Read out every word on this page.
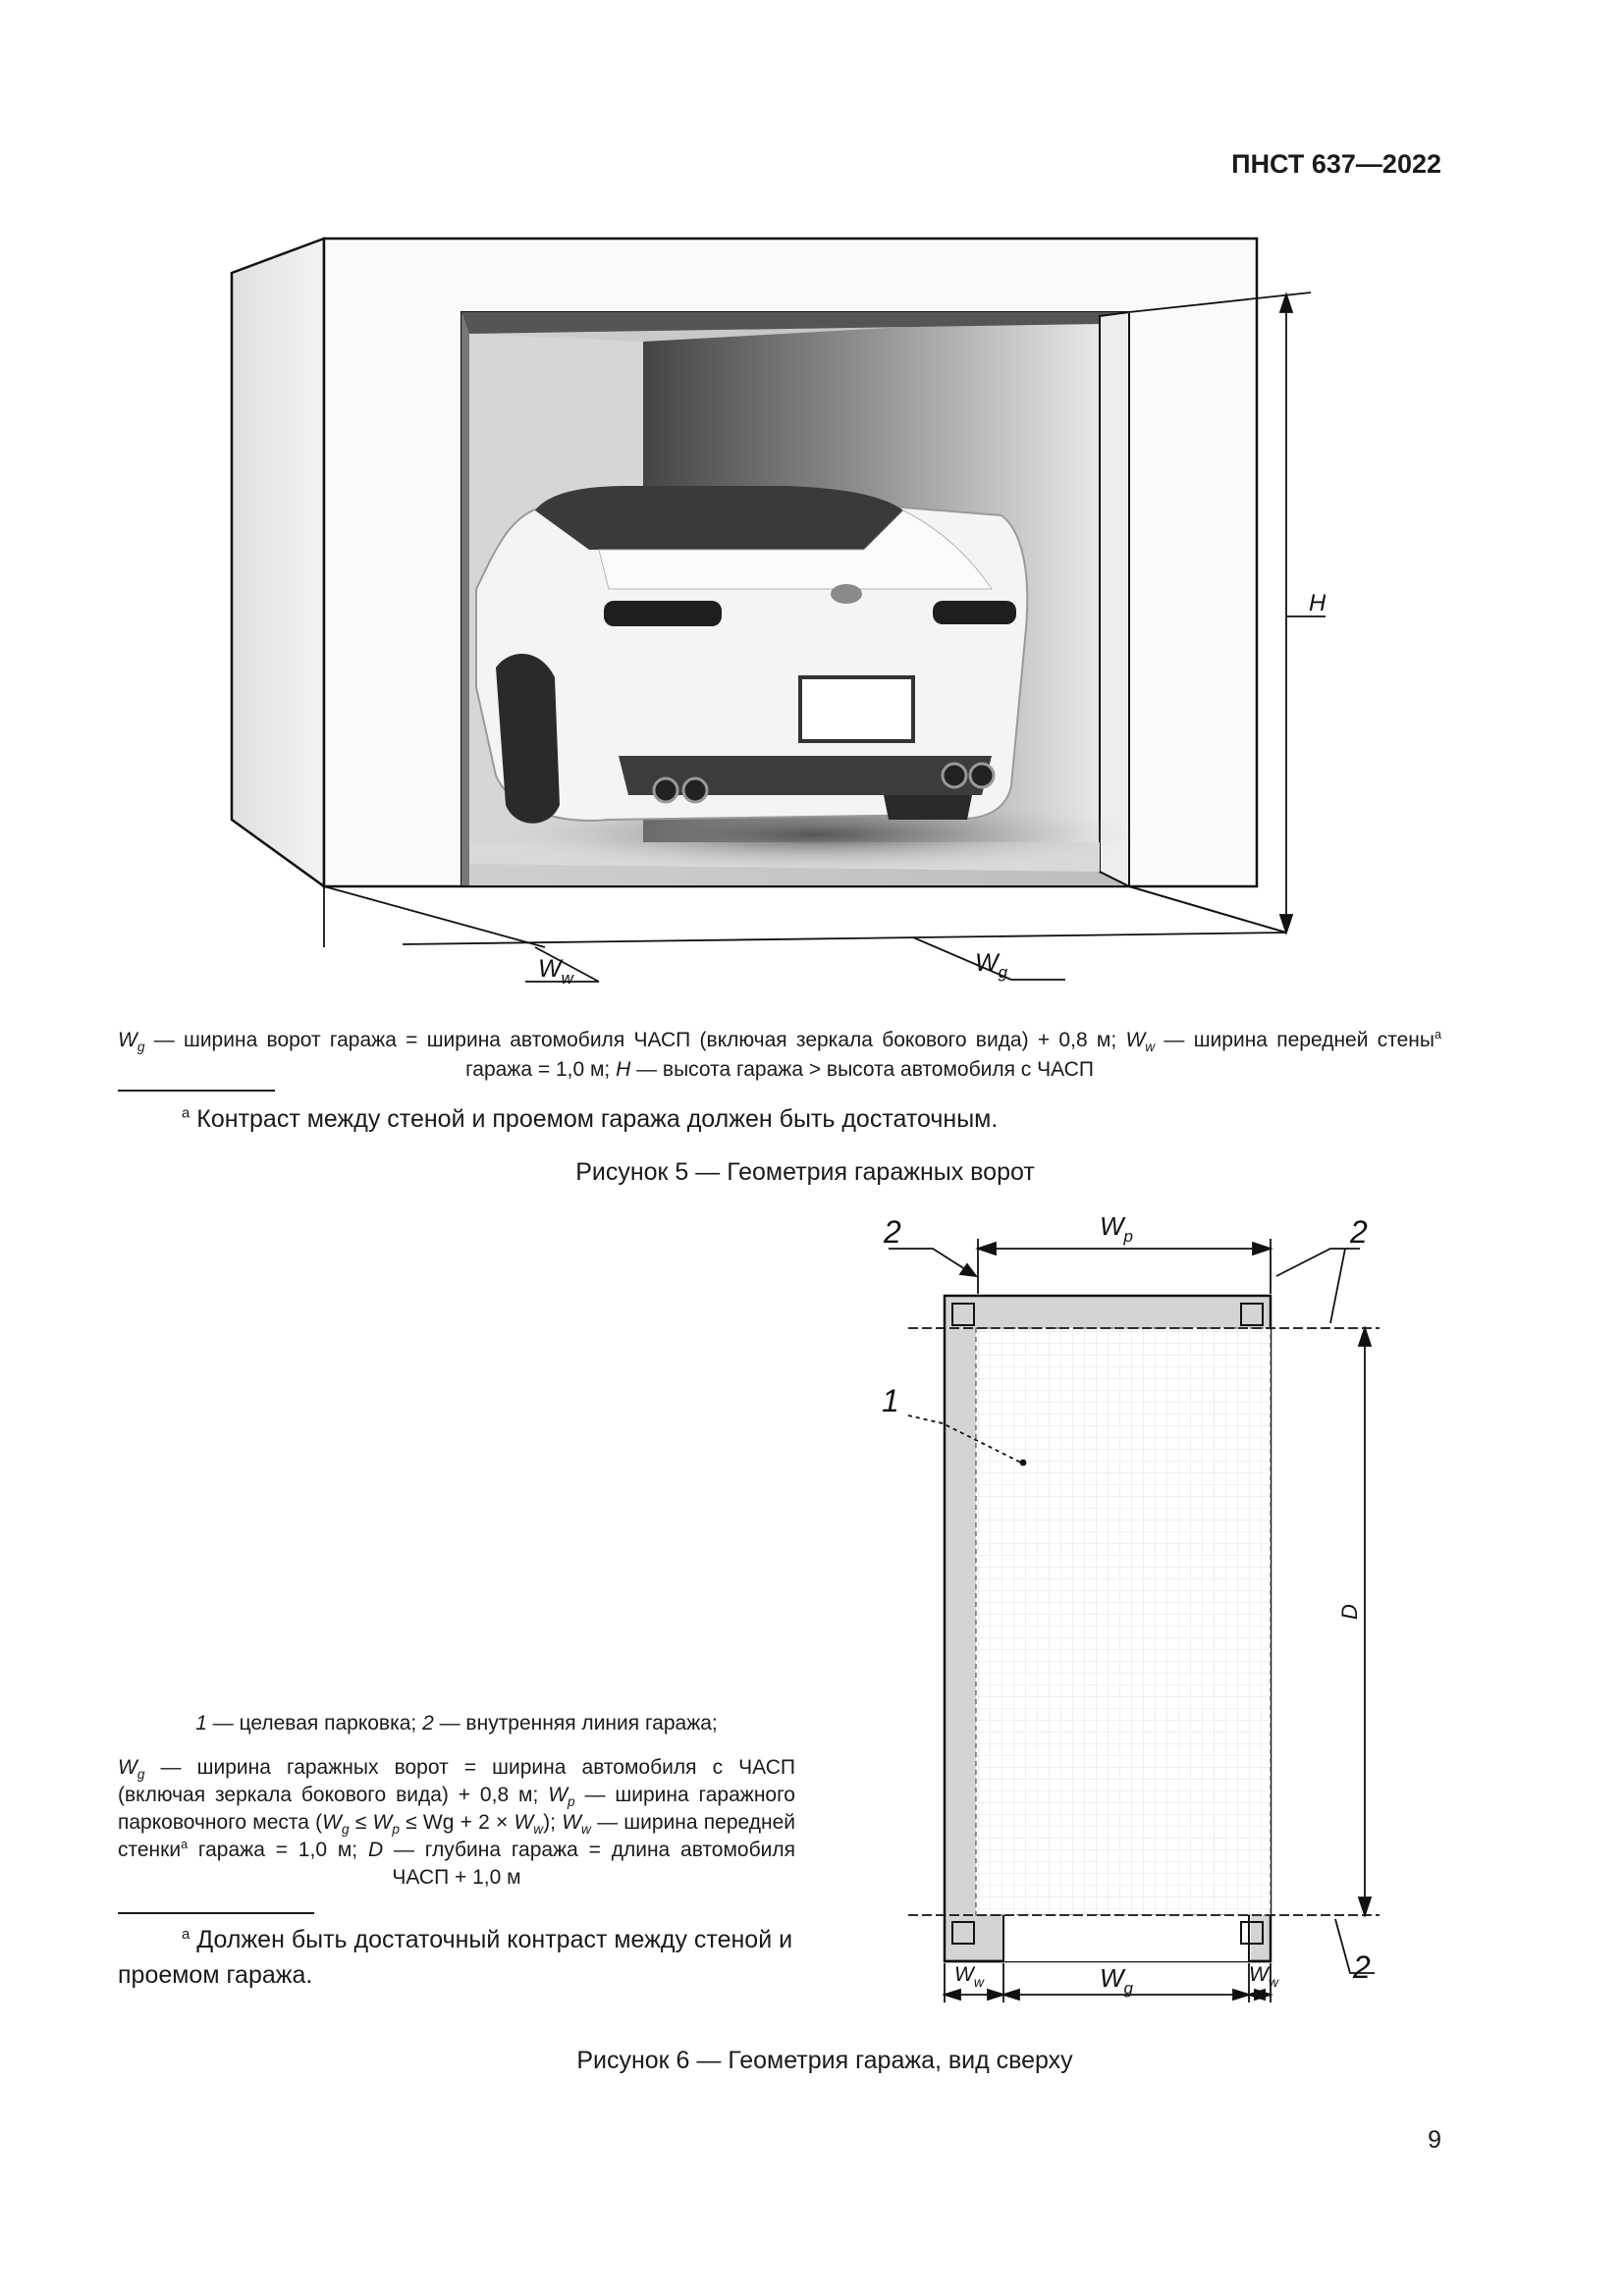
ПНСТ 637—2022
H
$W_w$
$W_g$
$W_g$ — ширина ворот гаража = ширина автомобиля ЧАСП (включая зеркала бокового вида) + 0,8 м; $W_w$ — ширина передней стены$^а$ гаража = 1,0 м; H — высота гаража > высота автомобиля с ЧАСП
$^а$ Контраст между стеной и проемом гаража должен быть достаточным.
Рисунок 5 — Геометрия гаражных ворот
2	2
2
1
$W_p$
$W_g$
$W_w$	$W_w$
D
1 — целевая парковка; 2 — внутренняя линия гаража;
$W_g$ — ширина гаражных ворот = ширина автомобиля с ЧАСП (включая зеркала бокового вида) + 0,8 м; $W_p$ — ширина гаражного парковочного места $(W_g \le W_p \le Wg + 2 \times W_w)$; $W_w$ — ширина передней стенки$^а$ гаража = 1,0 м; D — глубина гаража = длина автомобиля ЧАСП + 1,0 м
$^а$ Должен быть достаточный контраст между стеной и проемом гаража.
Рисунок 6 — Геометрия гаража, вид сверху
9
